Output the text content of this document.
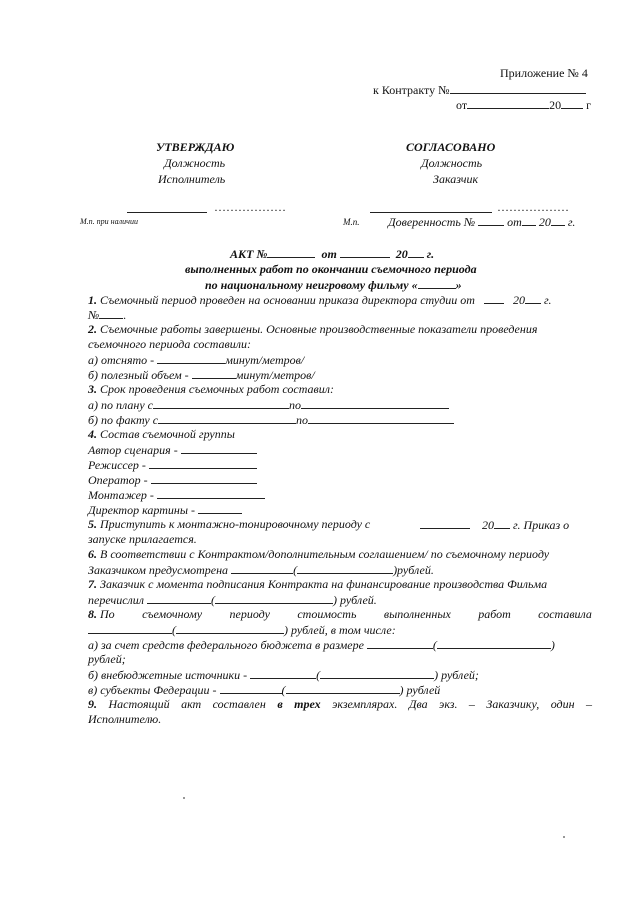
Приложение № 4
к Контракту №
от	20 г
УТВЕРЖДАЮ
Должность
Исполнитель
СОГЛАСОВАНО
Должность
Заказчик
………………	………………
М.п. при наличии	М.п. Доверенность №	от 20 г.
АКТ №	от	20 г.
выполненных работ по окончании съемочного периода
по национальному неигровому фильму «	»
1. Съемочный период проведен на основании приказа директора студии от	20 г.
№ .
2. Съемочные работы завершены. Основные производственные показатели проведения
съемочного периода составили:
а) отснято -	минут/метров/
б) полезный объем -	минут/метров/
3. Срок проведения съемочных работ составил:
а) по плану с	по
б) по факту с	по
4. Состав съемочной группы
Автор сценария -
Режиссер -
Оператор -
Монтажер -
Директор картины -
5. Приступить к монтажно-тонировочному периоду с	20 г. Приказ о
запуске прилагается.
6. В соответствии с Контрактом/дополнительным соглашением/ по съемочному периоду
Заказчиком предусмотрена	(	)рублей.
7. Заказчик с момента подписания Контракта на финансирование производства Фильма
перечислил	(	) рублей.
8. По съемочному периоду стоимость выполненных работ составила
(	) рублей, в том числе:
а) за счет средств федерального бюджета в размере	(	)
рублей;
б) внебюджетные источники -	(	) рублей;
в) субъекты Федерации -	(	) рублей
9. Настоящий акт составлен в трех экземплярах. Два экз. – Заказчику, один –
Исполнителю.
